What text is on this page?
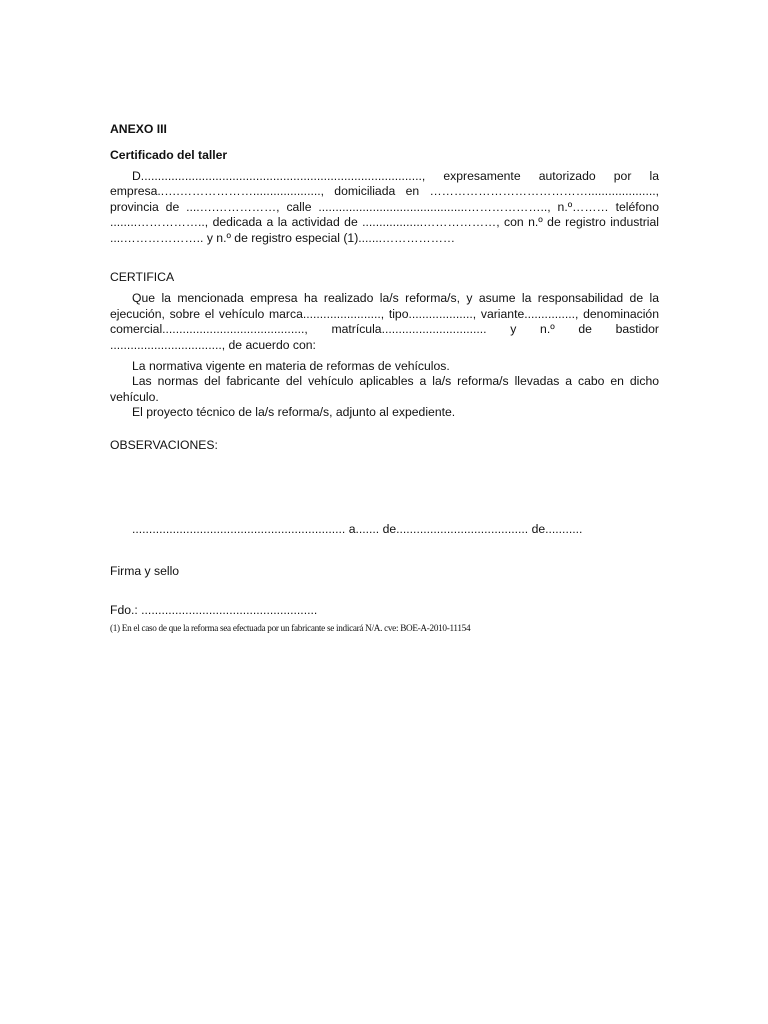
ANEXO III
Certificado del taller

D..................................................................................., expresamente autorizado por la empresa..….………………...................., domiciliada en …………………………………...................., provincia de ....….……………, calle ............................................……………….., n.º……… teléfono ........…………….., dedicada a la actividad de ..................………………, con n.º de registro industrial ....……………….. y n.º de registro especial (1).......………………

CERTIFICA

Que la mencionada empresa ha realizado la/s reforma/s, y asume la responsabilidad de la ejecución, sobre el vehículo marca......................., tipo..................., variante..............., denominación comercial.........................................., matrícula............................... y n.º de bastidor ................................., de acuerdo con:

La normativa vigente en materia de reformas de vehículos.
Las normas del fabricante del vehículo aplicables a la/s reforma/s llevadas a cabo en dicho vehículo.
El proyecto técnico de la/s reforma/s, adjunto al expediente.

OBSERVACIONES:

............................................................... a....... de....................................... de...........

Firma y sello

Fdo.: ....................................................

(1) En el caso de que la reforma sea efectuada por un fabricante se indicará N/A. cve: BOE-A-2010-11154
